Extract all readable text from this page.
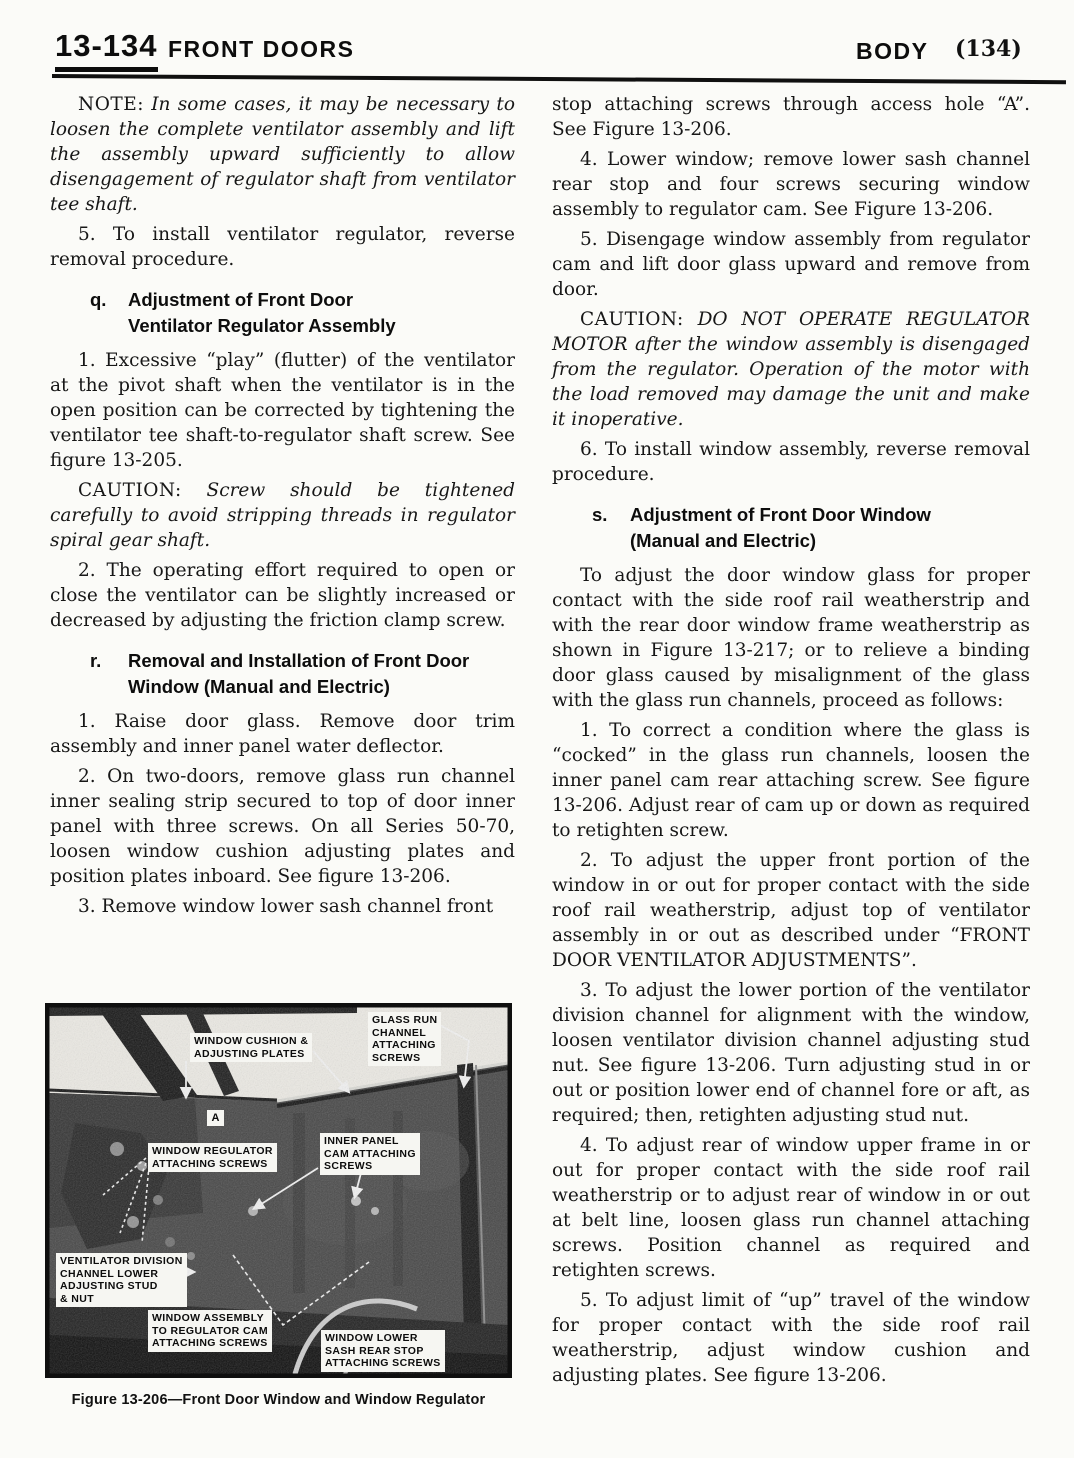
13-134 FRONT DOORS	BODY (134)

NOTE: In some cases, it may be necessary to loosen the complete ventilator assembly and lift the assembly upward sufficiently to allow disengagement of regulator shaft from ventilator tee shaft.

5. To install ventilator regulator, reverse removal procedure.

q. Adjustment of Front Door
Ventilator Regulator Assembly

1. Excessive “play” (flutter) of the ventilator at the pivot shaft when the ventilator is in the open position can be corrected by tightening the ventilator tee shaft-to-regulator shaft screw. See figure 13-205.

CAUTION: Screw should be tightened carefully to avoid stripping threads in regulator spiral gear shaft.

2. The operating effort required to open or close the ventilator can be slightly increased or decreased by adjusting the friction clamp screw.

r. Removal and Installation of Front Door
Window (Manual and Electric)

1. Raise door glass. Remove door trim assembly and inner panel water deflector.

2. On two-doors, remove glass run channel inner sealing strip secured to top of door inner panel with three screws. On all Series 50-70, loosen window cushion adjusting plates and position plates inboard. See figure 13-206.

3. Remove window lower sash channel front

stop attaching screws through access hole “A”. See Figure 13-206.

4. Lower window; remove lower sash channel rear stop and four screws securing window assembly to regulator cam. See Figure 13-206.

5. Disengage window assembly from regulator cam and lift door glass upward and remove from door.

CAUTION: DO NOT OPERATE REGULATOR MOTOR after the window assembly is disengaged from the regulator. Operation of the motor with the load removed may damage the unit and make it inoperative.

6. To install window assembly, reverse removal procedure.

s. Adjustment of Front Door Window
(Manual and Electric)

To adjust the door window glass for proper contact with the side roof rail weatherstrip and with the rear door window frame weatherstrip as shown in Figure 13-217; or to relieve a binding door glass caused by misalignment of the glass with the glass run channels, proceed as follows:

1. To correct a condition where the glass is “cocked” in the glass run channels, loosen the inner panel cam rear attaching screw. See figure 13-206. Adjust rear of cam up or down as required to retighten screw.

2. To adjust the upper front portion of the window in or out for proper contact with the side roof rail weatherstrip, adjust top of ventilator assembly in or out as described under “FRONT DOOR VENTILATOR ADJUSTMENTS”.

3. To adjust the lower portion of the ventilator division channel for alignment with the window, loosen ventilator division channel adjusting stud nut. See figure 13-206. Turn adjusting stud in or out or position lower end of channel fore or aft, as required; then, retighten adjusting stud nut.

4. To adjust rear of window upper frame in or out for proper contact with the side roof rail weatherstrip or to adjust rear of window in or out at belt line, loosen glass run channel attaching screws. Position channel as required and retighten screws.

5. To adjust limit of “up” travel of the window for proper contact with the side roof rail weatherstrip, adjust window cushion and adjusting plates. See figure 13-206.

WINDOW CUSHION &
ADJUSTING PLATES
GLASS RUN
CHANNEL
ATTACHING
SCREWS
A
WINDOW REGULATOR
ATTACHING SCREWS
INNER PANEL
CAM ATTACHING
SCREWS
VENTILATOR DIVISION
CHANNEL LOWER
ADJUSTING STUD
& NUT
WINDOW ASSEMBLY
TO REGULATOR CAM
ATTACHING SCREWS	WINDOW LOWER
SASH REAR STOP
ATTACHING SCREWS
Figure 13-206—Front Door Window and Window Regulator
